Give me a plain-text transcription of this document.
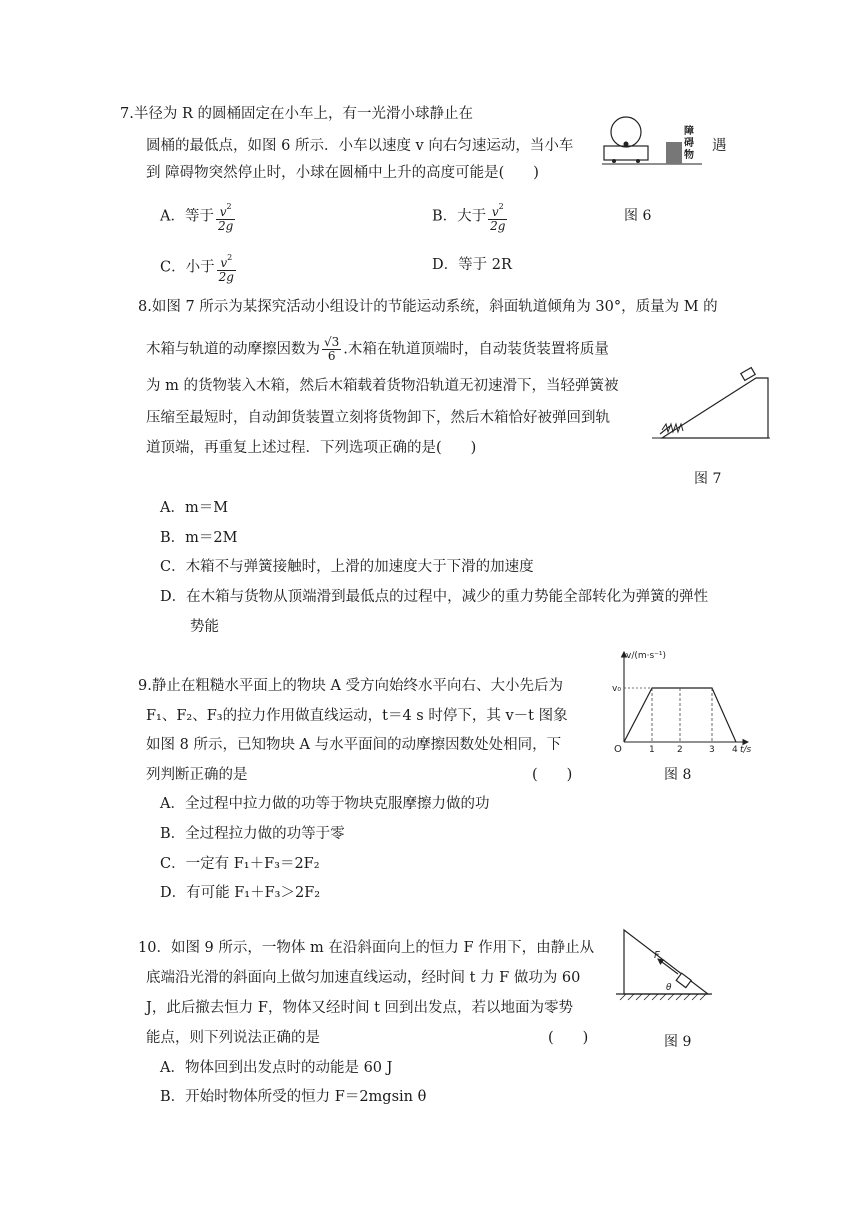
7.半径为 R 的圆桶固定在小车上，有一光滑小球静止在
圆桶的最低点，如图 6 所示．小车以速度 v 向右匀速运动，当小车	遇
到 障碍物突然停止时，小球在圆桶中上升的高度可能是(　　)
障
碍
物
A．等于 $\frac{v^2}{2g}$	B．大于 $\frac{v^2}{2g}$	图 6
C．小于 $\frac{v^2}{2g}$	D．等于 2R
8.如图 7 所示为某探究活动小组设计的节能运动系统，斜面轨道倾角为 30°，质量为 M 的
木箱与轨道的动摩擦因数为 $\frac{√3}{6}$ .木箱在轨道顶端时，自动装货装置将质量
为 m 的货物装入木箱，然后木箱载着货物沿轨道无初速滑下，当轻弹簧被
压缩至最短时，自动卸货装置立刻将货物卸下，然后木箱恰好被弹回到轨
道顶端，再重复上述过程．下列选项正确的是(　　)
图 7
A．m＝M
B．m＝2M
C．木箱不与弹簧接触时，上滑的加速度大于下滑的加速度
D．在木箱与货物从顶端滑到最低点的过程中，减少的重力势能全部转化为弹簧的弹性
势能
9.静止在粗糙水平面上的物块 A 受方向始终水平向右、大小先后为
F₁、F₂、F₃的拉力作用做直线运动，t＝4 s 时停下，其 v－t 图象
如图 8 所示，已知物块 A 与水平面间的动摩擦因数处处相同，下
列判断正确的是	(　　)
v/(m·s⁻¹)
v₀
O	1 2	3 4 t/s
图 8
A．全过程中拉力做的功等于物块克服摩擦力做的功
B．全过程拉力做的功等于零
C．一定有 F₁＋F₃＝2F₂
D．有可能 F₁＋F₃＞2F₂
10．如图 9 所示，一物体 m 在沿斜面向上的恒力 F 作用下，由静止从
底端沿光滑的斜面向上做匀加速直线运动，经时间 t 力 F 做功为 60
J，此后撤去恒力 F，物体又经时间 t 回到出发点，若以地面为零势
能点，则下列说法正确的是	(　　)
F
θ
图 9
A．物体回到出发点时的动能是 60 J
B．开始时物体所受的恒力 F＝2mgsin θ
